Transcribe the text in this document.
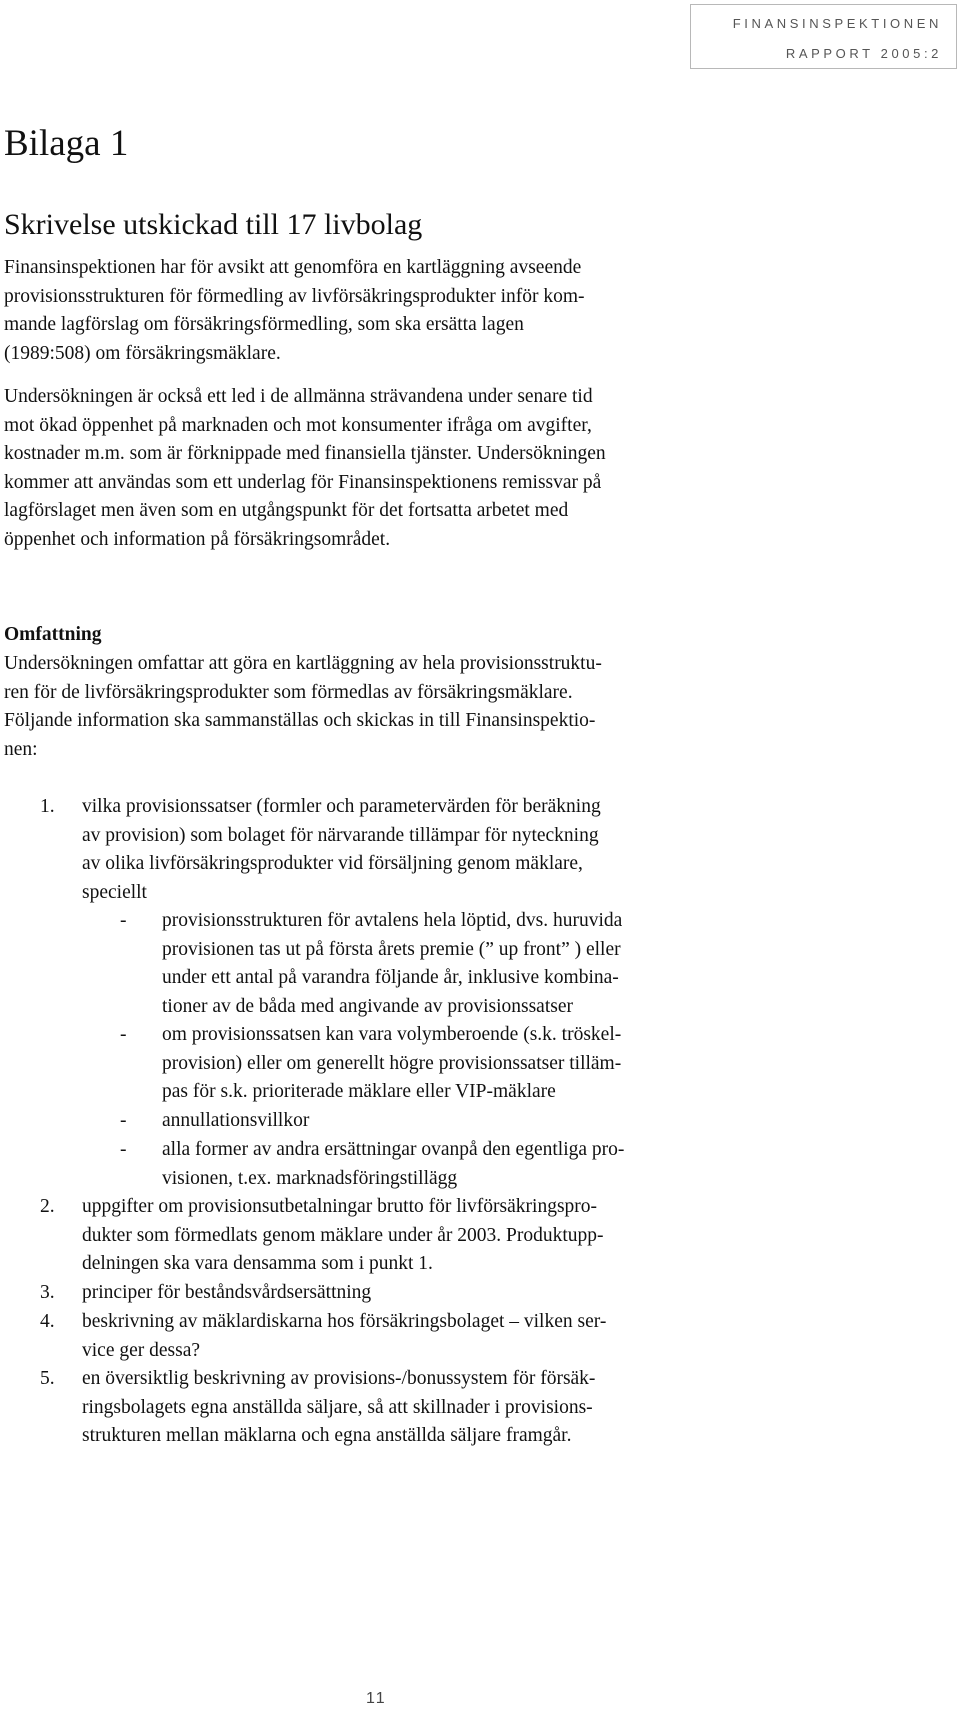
FINANSINSPEKTIONEN
RAPPORT 2005:2
Bilaga 1
Skrivelse utskickad till 17 livbolag
Finansinspektionen har för avsikt att genomföra en kartläggning avseende
provisionsstrukturen för förmedling av livförsäkringsprodukter inför kom-
mande lagförslag om försäkringsförmedling, som ska ersätta lagen
(1989:508) om försäkringsmäklare.
Undersökningen är också ett led i de allmänna strävandena under senare tid
mot ökad öppenhet på marknaden och mot konsumenter ifråga om avgifter,
kostnader m.m. som är förknippade med finansiella tjänster. Undersökningen
kommer att användas som ett underlag för Finansinspektionens remissvar på
lagförslaget men även som en utgångspunkt för det fortsatta arbetet med
öppenhet och information på försäkringsområdet.
Omfattning
Undersökningen omfattar att göra en kartläggning av hela provisionsstruktu-
ren för de livförsäkringsprodukter som förmedlas av försäkringsmäklare.
Följande information ska sammanställas och skickas in till Finansinspektio-
nen:
1. vilka provisionssatser (formler och parametervärden för beräkning
av provision) som bolaget för närvarande tillämpar för nyteckning
av olika livförsäkringsprodukter vid försäljning genom mäklare,
speciellt
- provisionsstrukturen för avtalens hela löptid, dvs. huruvida
provisionen tas ut på första årets premie (” up front” ) eller
under ett antal på varandra följande år, inklusive kombina-
tioner av de båda med angivande av provisionssatser
- om provisionssatsen kan vara volymberoende (s.k. tröskel-
provision) eller om generellt högre provisionssatser tilläm-
pas för s.k. prioriterade mäklare eller VIP-mäklare
- annullationsvillkor
- alla former av andra ersättningar ovanpå den egentliga pro-
visionen, t.ex. marknadsföringstillägg
2. uppgifter om provisionsutbetalningar brutto för livförsäkringspro-
dukter som förmedlats genom mäklare under år 2003. Produktupp-
delningen ska vara densamma som i punkt 1.
3. principer för beståndsvårdsersättning
4. beskrivning av mäklardiskarna hos försäkringsbolaget – vilken ser-
vice ger dessa?
5. en översiktlig beskrivning av provisions-/bonussystem för försäk-
ringsbolagets egna anställda säljare, så att skillnader i provisions-
strukturen mellan mäklarna och egna anställda säljare framgår.
11
